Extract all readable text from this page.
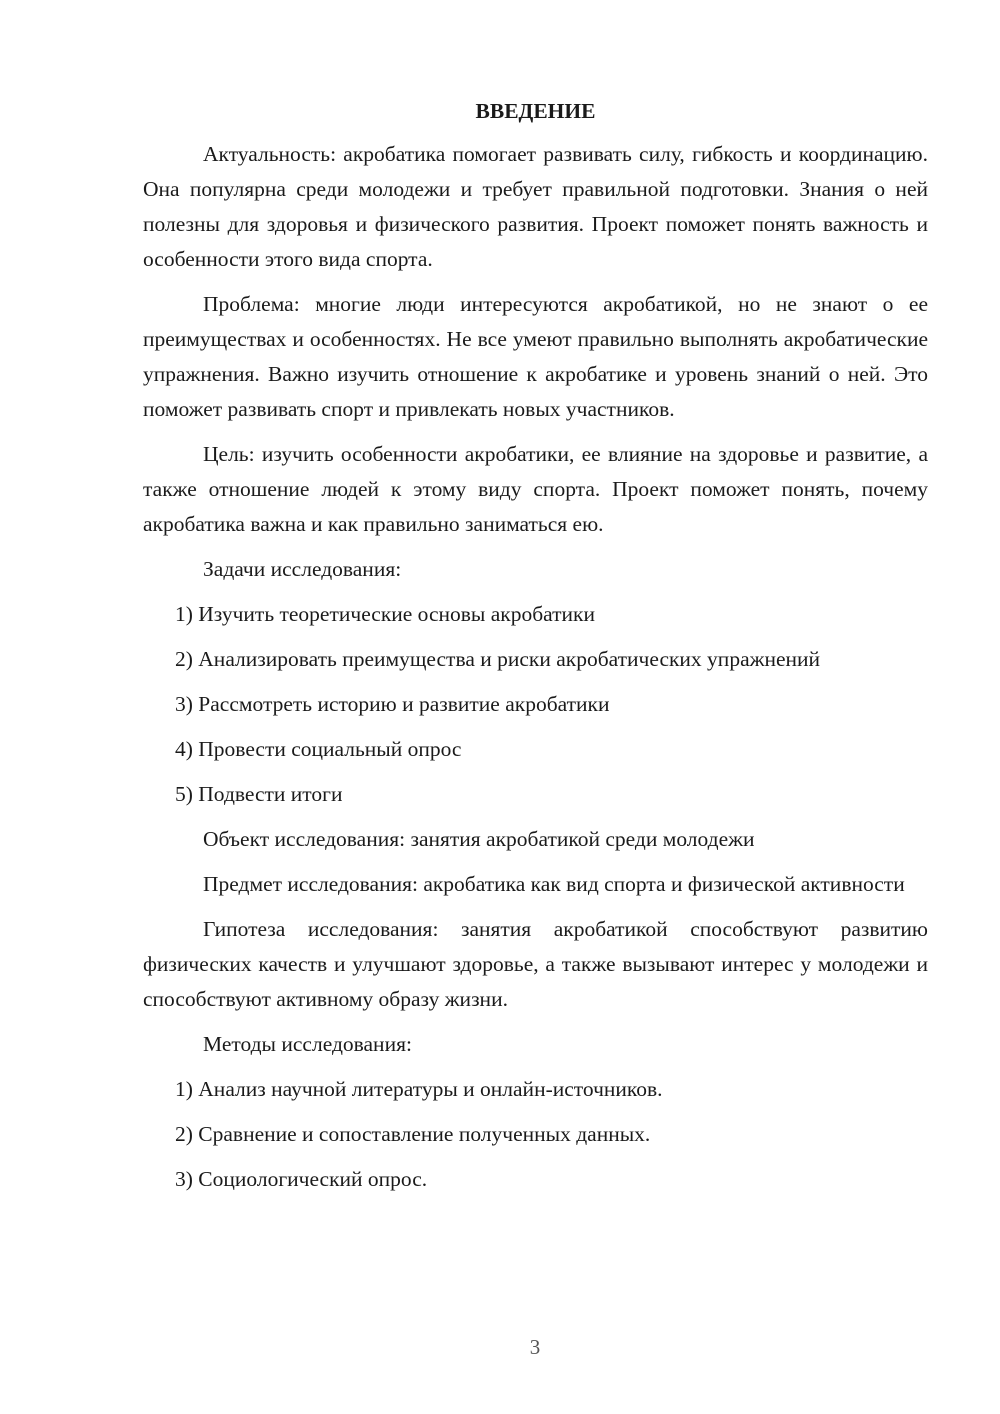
ВВЕДЕНИЕ

Актуальность: акробатика помогает развивать силу, гибкость и координацию. Она популярна среди молодежи и требует правильной подготовки. Знания о ней полезны для здоровья и физического развития. Проект поможет понять важность и особенности этого вида спорта.

Проблема: многие люди интересуются акробатикой, но не знают о ее преимуществах и особенностях. Не все умеют правильно выполнять акробатические упражнения. Важно изучить отношение к акробатике и уровень знаний о ней. Это поможет развивать спорт и привлекать новых участников.

Цель: изучить особенности акробатики, ее влияние на здоровье и развитие, а также отношение людей к этому виду спорта. Проект поможет понять, почему акробатика важна и как правильно заниматься ею.

Задачи исследования:
1) Изучить теоретические основы акробатики
2) Анализировать преимущества и риски акробатических упражнений
3) Рассмотреть историю и развитие акробатики
4) Провести социальный опрос
5) Подвести итоги

Объект исследования: занятия акробатикой среди молодежи

Предмет исследования: акробатика как вид спорта и физической активности

Гипотеза исследования: занятия акробатикой способствуют развитию физических качеств и улучшают здоровье, а также вызывают интерес у молодежи и способствуют активному образу жизни.

Методы исследования:
1) Анализ научной литературы и онлайн-источников.
2) Сравнение и сопоставление полученных данных.
3) Социологический опрос.
3
